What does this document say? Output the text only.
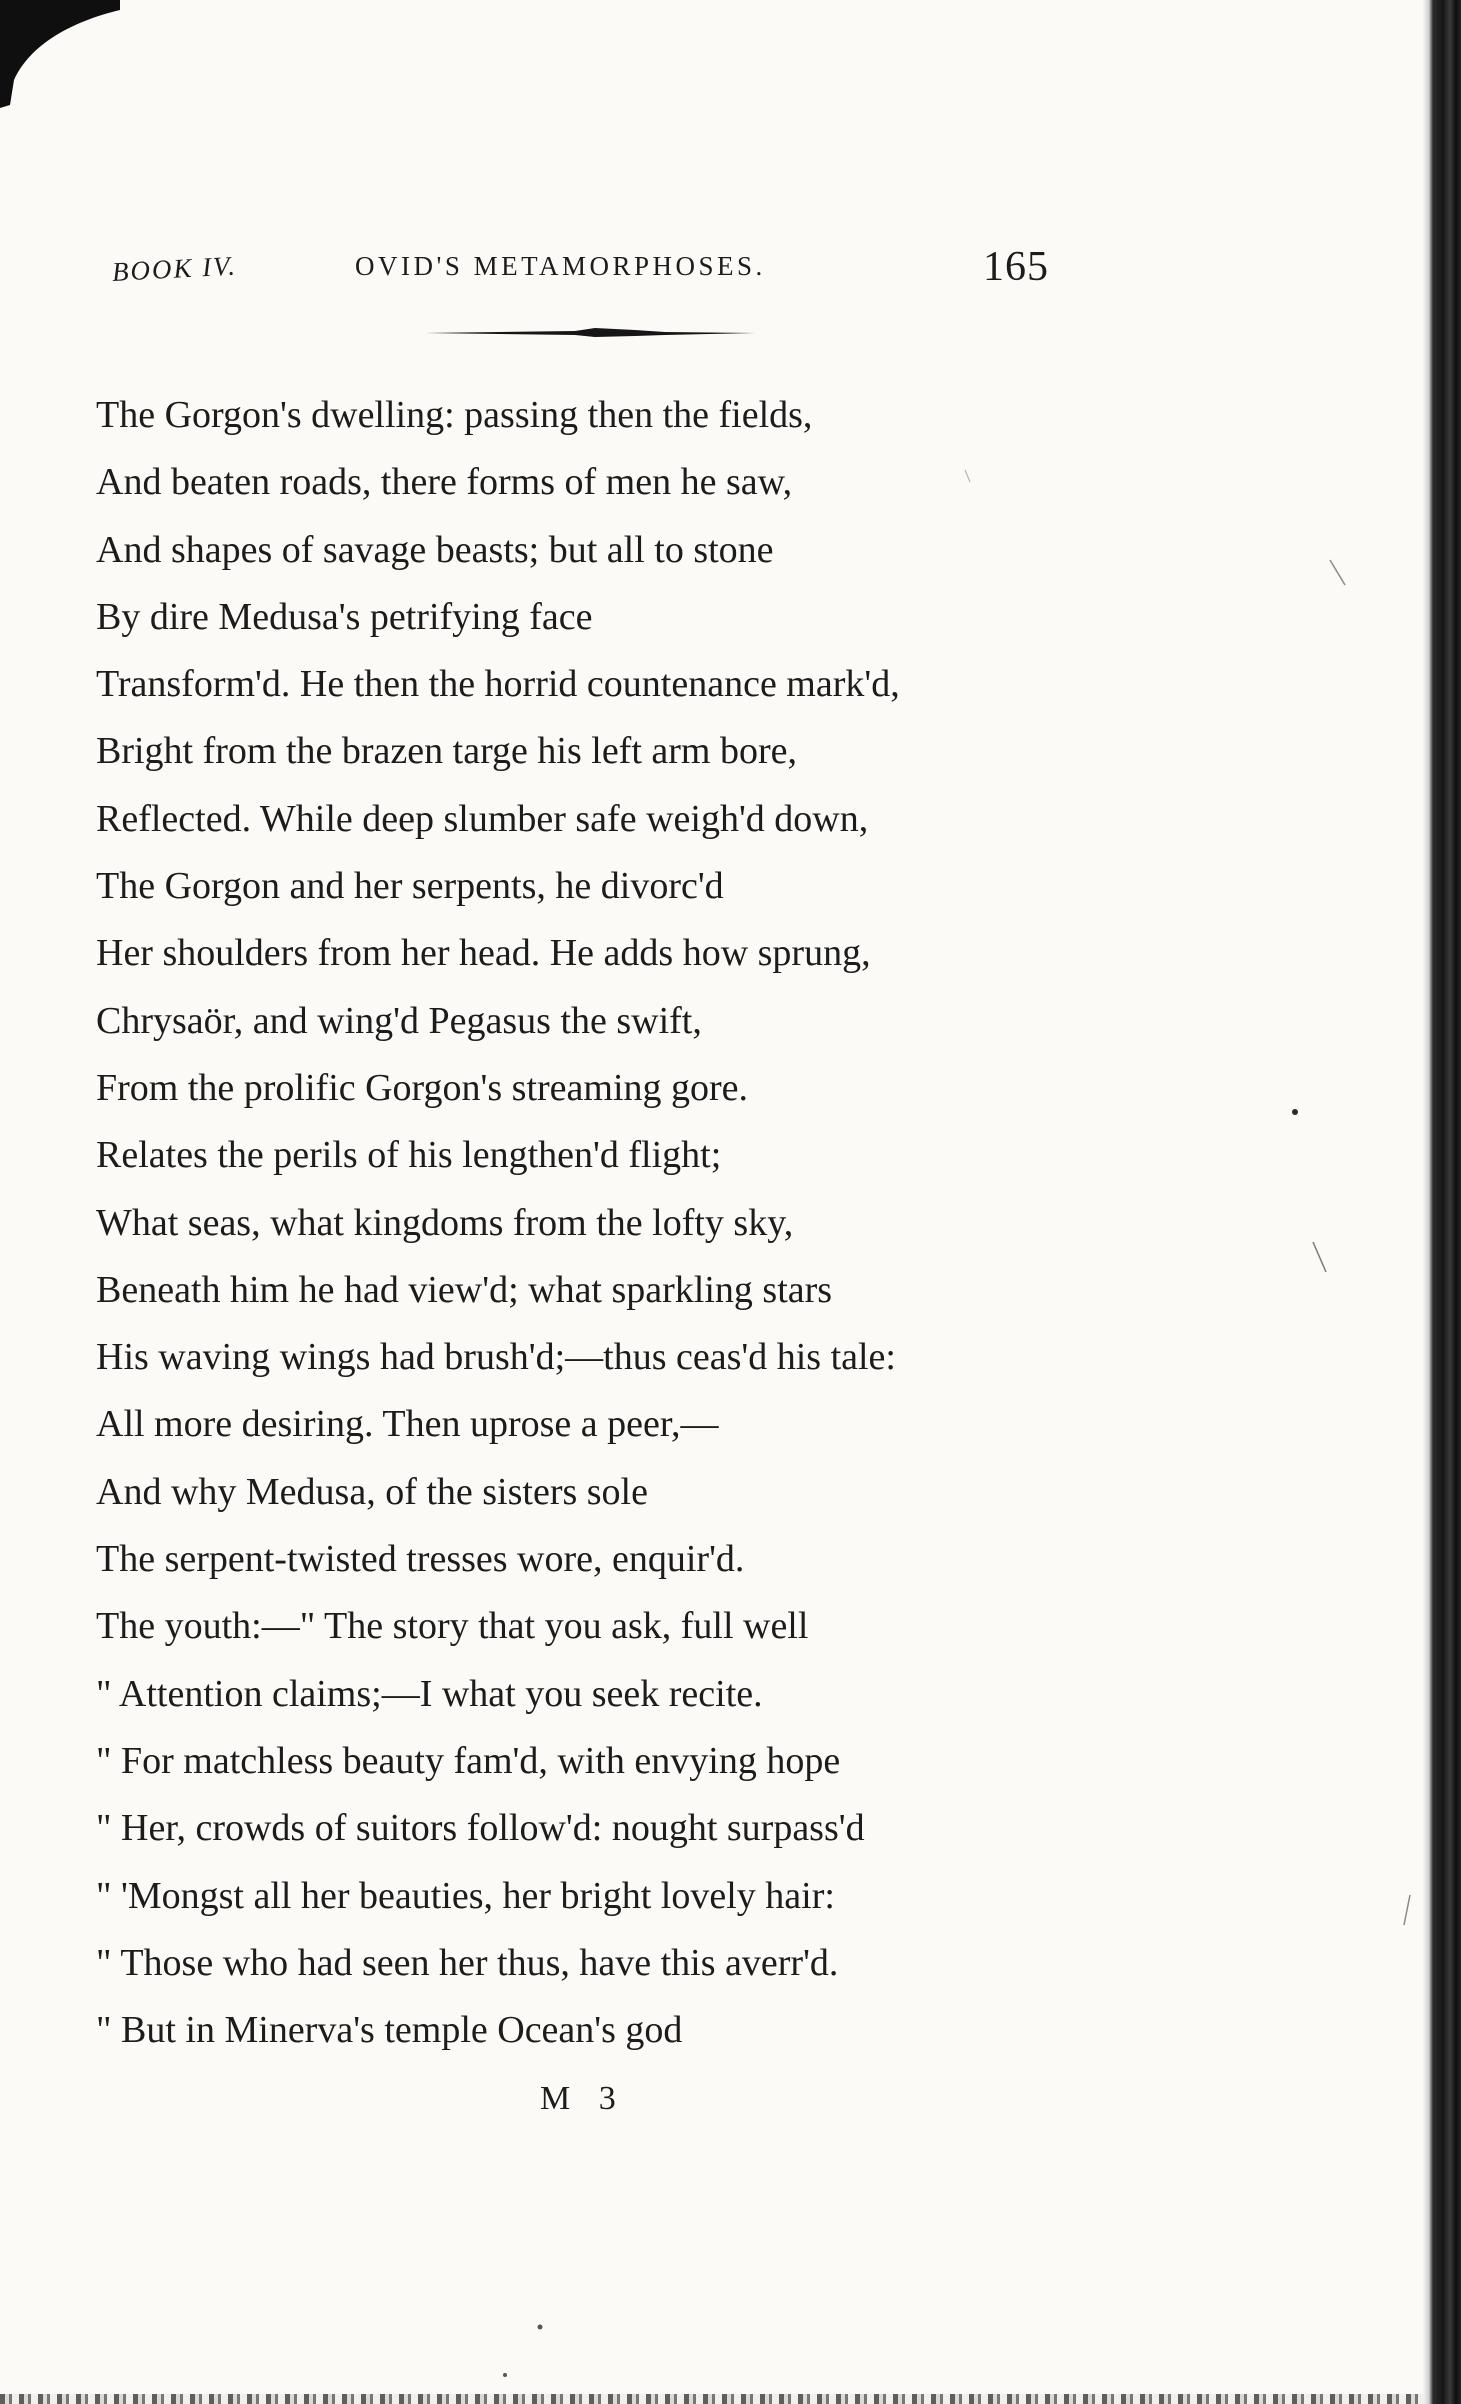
BOOK IV.	OVID'S METAMORPHOSES.	165
The Gorgon's dwelling: passing then the fields,
And beaten roads, there forms of men he saw,
And shapes of savage beasts; but all to stone
By dire Medusa's petrifying face
Transform'd. He then the horrid countenance mark'd,
Bright from the brazen targe his left arm bore,
Reflected. While deep slumber safe weigh'd down,
The Gorgon and her serpents, he divorc'd
Her shoulders from her head. He adds how sprung,
Chrysaör, and wing'd Pegasus the swift,
From the prolific Gorgon's streaming gore.
Relates the perils of his lengthen'd flight;
What seas, what kingdoms from the lofty sky,
Beneath him he had view'd; what sparkling stars
His waving wings had brush'd;—thus ceas'd his tale:
All more desiring. Then uprose a peer,—
And why Medusa, of the sisters sole
The serpent-twisted tresses wore, enquir'd.
The youth:—" The story that you ask, full well
" Attention claims;—I what you seek recite.
" For matchless beauty fam'd, with envying hope
" Her, crowds of suitors follow'd: nought surpass'd
" 'Mongst all her beauties, her bright lovely hair:
" Those who had seen her thus, have this averr'd.
" But in Minerva's temple Ocean's god
M 3
